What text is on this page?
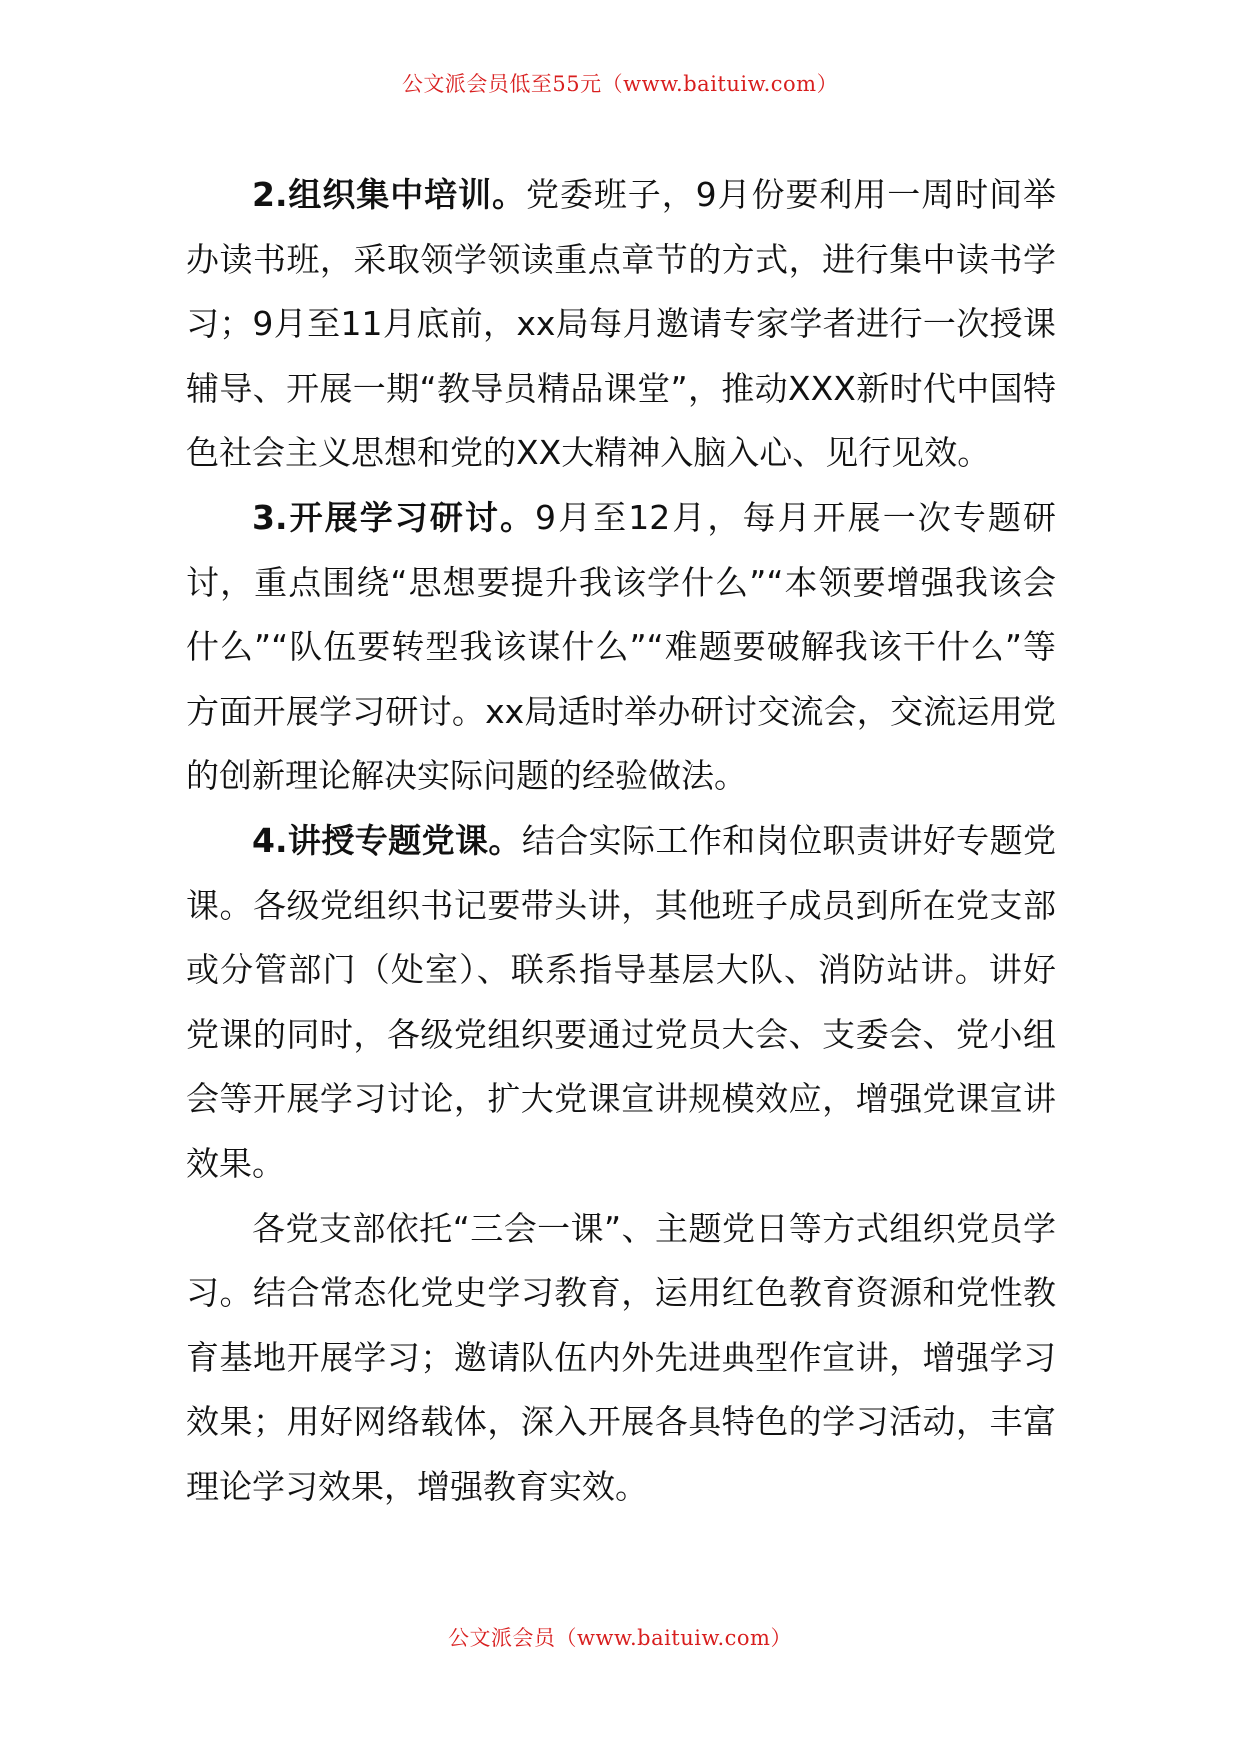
公文派会员低至55元（www.baituiw.com）

2.组织集中培训。党委班子，9月份要利用一周时间举办读书班，采取领学领读重点章节的方式，进行集中读书学习；9月至11月底前，xx局每月邀请专家学者进行一次授课辅导、开展一期“教导员精品课堂”，推动XXX新时代中国特色社会主义思想和党的XX大精神入脑入心、见行见效。

3.开展学习研讨。9月至12月，每月开展一次专题研讨，重点围绕“思想要提升我该学什么”“本领要增强我该会什么”“队伍要转型我该谋什么”“难题要破解我该干什么”等方面开展学习研讨。xx局适时举办研讨交流会，交流运用党的创新理论解决实际问题的经验做法。

4.讲授专题党课。结合实际工作和岗位职责讲好专题党课。各级党组织书记要带头讲，其他班子成员到所在党支部或分管部门（处室）、联系指导基层大队、消防站讲。讲好党课的同时，各级党组织要通过党员大会、支委会、党小组会等开展学习讨论，扩大党课宣讲规模效应，增强党课宣讲效果。

各党支部依托“三会一课”、主题党日等方式组织党员学习。结合常态化党史学习教育，运用红色教育资源和党性教育基地开展学习；邀请队伍内外先进典型作宣讲，增强学习效果；用好网络载体，深入开展各具特色的学习活动，丰富理论学习效果，增强教育实效。

公文派会员（www.baituiw.com）
